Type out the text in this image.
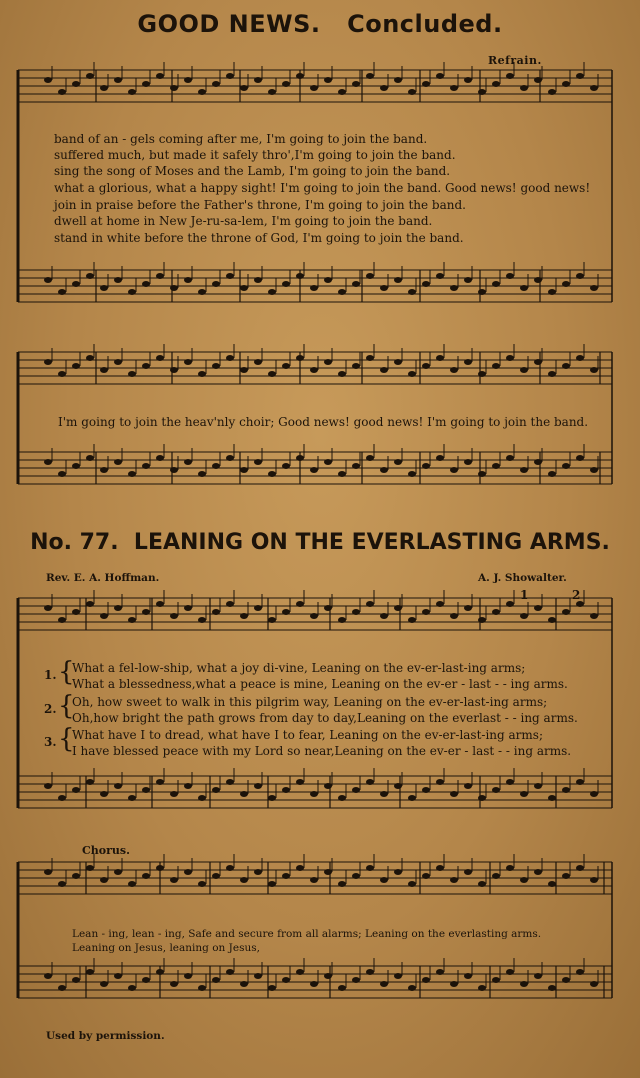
GOOD NEWS. Concluded.
Refrain.
band of an - gels coming after me, I'm going to join the band.
suffered much, but made it safely thro',I'm going to join the band.
sing the song of Moses and the Lamb, I'm going to join the band.
what a glorious, what a happy sight! I'm going to join the band. Good news! good news!
join in praise before the Father's throne, I'm going to join the band.
dwell at home in New Je-ru-sa-lem, I'm going to join the band.
stand in white before the throne of God, I'm going to join the band.
I'm going to join the heav'nly choir; Good news! good news! I'm going to join the band.
No. 77. LEANING ON THE EVERLASTING ARMS.
Rev. E. A. Hoffman.	A. J. Showalter.
1	2
1. {
What a fel-low-ship, what a joy di-vine, Leaning on the ev-er-last-ing arms;
What a blessedness,what a peace is mine, Leaning on the ev-er - last - - ing arms.
2. {
Oh, how sweet to walk in this pilgrim way, Leaning on the ev-er-last-ing arms;
Oh,how bright the path grows from day to day,Leaning on the everlast - - ing arms.
3. {
What have I to dread, what have I to fear, Leaning on the ev-er-last-ing arms;
I have blessed peace with my Lord so near,Leaning on the ev-er - last - - ing arms.
Chorus.
Lean - ing, lean - ing, Safe and secure from all alarms; Leaning on the everlasting arms.
Leaning on Jesus, leaning on Jesus,
Used by permission.
